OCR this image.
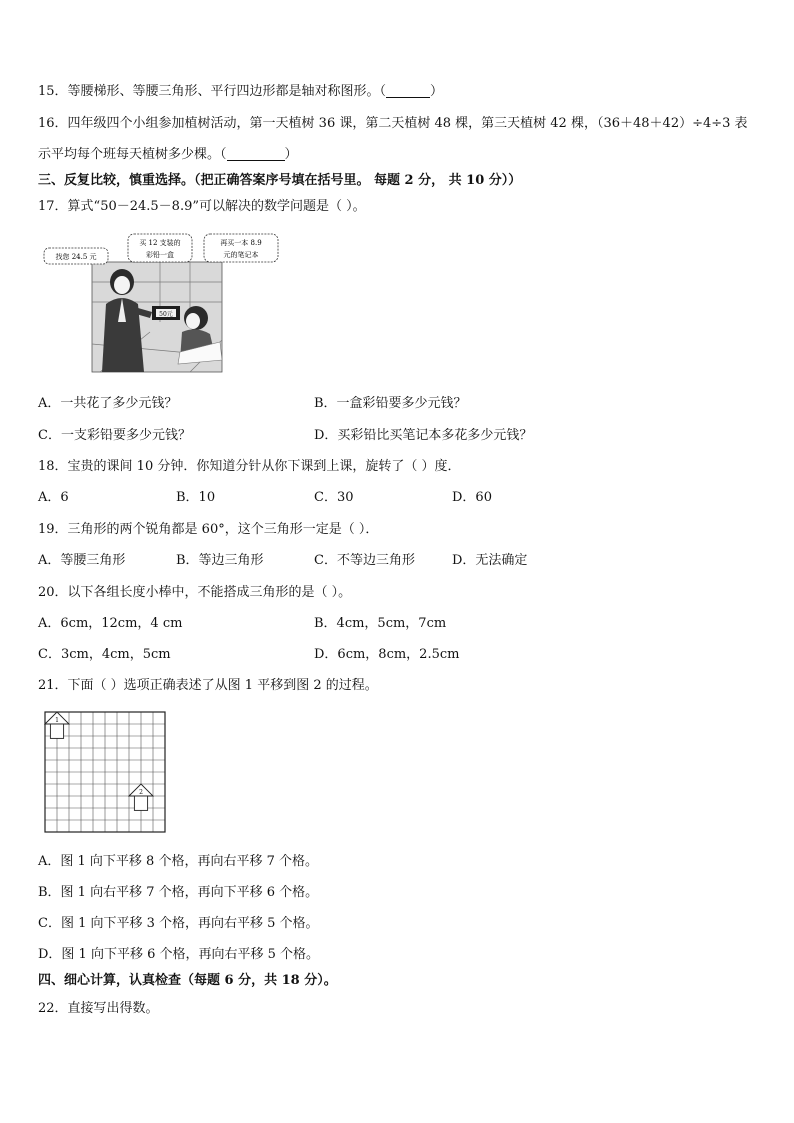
15．等腰梯形、等腰三角形、平行四边形都是轴对称图形。（	）
16．四年级四个小组参加植树活动，第一天植树 36 课，第二天植树 48 棵，第三天植树 42 棵，（36＋48＋42）÷4÷3 表
示平均每个班每天植树多少棵。（	）
三、反复比较，慎重选择。（把正确答案序号填在括号里。 每题 2 分， 共 10 分））
17．算式“50－24.5－8.9”可以解决的数学问题是（ ）。
50元
找您 24.5 元
买 12 支装的
彩铅一盒
再买一本 8.9
元的笔记本
A．一共花了多少元钱？	B．一盒彩铅要多少元钱？
C．一支彩铅要多少元钱？	D．买彩铅比买笔记本多花多少元钱？
18．宝贵的课间 10 分钟．你知道分针从你下课到上课，旋转了（ ）度．
A．6	B．10	C．30	D．60
19．三角形的两个锐角都是 60°，这个三角形一定是（ ）．
A．等腰三角形	B．等边三角形	C．不等边三角形	D．无法确定
20．以下各组长度小棒中，不能搭成三角形的是（ ）。
A．6cm，12cm，4 cm	B．4cm，5cm，7cm
C．3cm，4cm，5cm	D．6cm，8cm，2.5cm
21．下面（ ）选项正确表述了从图 1 平移到图 2 的过程。
1
2
A．图 1 向下平移 8 个格，再向右平移 7 个格。
B．图 1 向右平移 7 个格，再向下平移 6 个格。
C．图 1 向下平移 3 个格，再向右平移 5 个格。
D．图 1 向下平移 6 个格，再向右平移 5 个格。
四、细心计算，认真检查（每题 6 分，共 18 分）。
22．直接写出得数。
